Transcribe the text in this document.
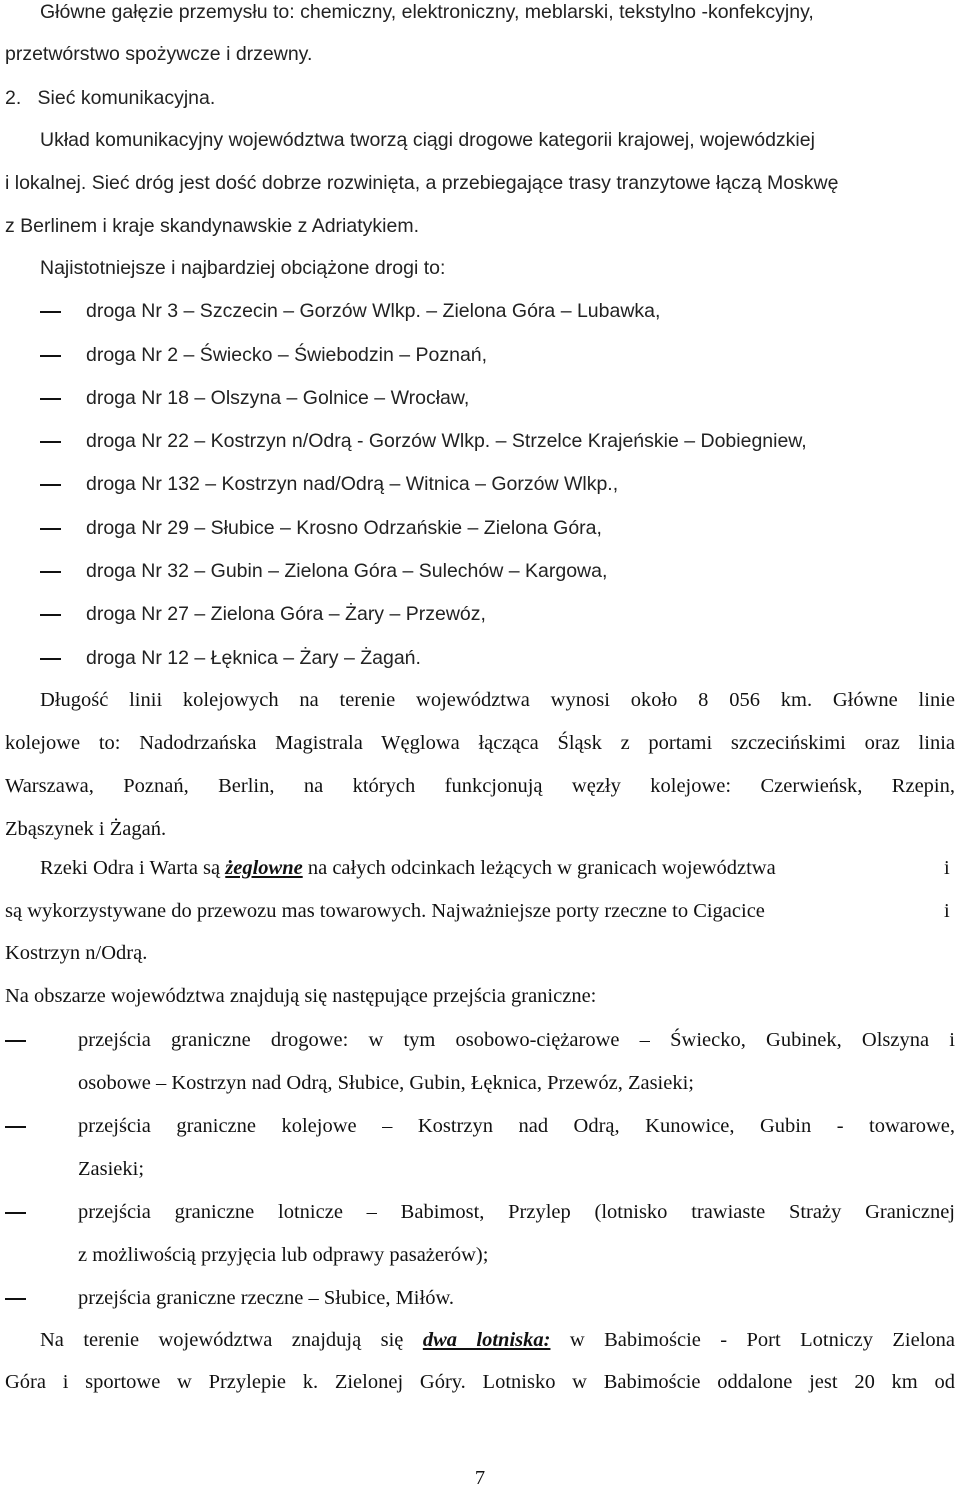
Główne gałęzie przemysłu to: chemiczny, elektroniczny, meblarski, tekstylno -konfekcyjny,
przetwórstwo spożywcze i drzewny.
2.   Sieć komunikacyjna.
Układ komunikacyjny województwa tworzą ciągi drogowe kategorii krajowej, wojewódzkiej
i lokalnej. Sieć dróg jest dość dobrze rozwinięta, a przebiegające trasy tranzytowe łączą Moskwę
z Berlinem i kraje skandynawskie z Adriatykiem.
Najistotniejsze i najbardziej obciążone drogi to:
droga Nr 3 – Szczecin – Gorzów Wlkp. – Zielona Góra – Lubawka,
droga Nr 2 – Świecko – Świebodzin – Poznań,
droga Nr 18 – Olszyna – Golnice – Wrocław,
droga Nr 22 – Kostrzyn n/Odrą - Gorzów Wlkp. – Strzelce Krajeńskie – Dobiegniew,
droga Nr 132 – Kostrzyn nad/Odrą – Witnica – Gorzów Wlkp.,
droga Nr 29 – Słubice – Krosno Odrzańskie – Zielona Góra,
droga Nr 32 – Gubin – Zielona Góra – Sulechów – Kargowa,
droga Nr 27 – Zielona Góra – Żary – Przewóz,
droga Nr 12 – Łęknica – Żary – Żagań.
Długość linii kolejowych na terenie województwa wynosi około 8 056 km. Główne linie
kolejowe to: Nadodrzańska Magistrala Węglowa łącząca Śląsk z portami szczecińskimi oraz linia
Warszawa, Poznań, Berlin, na których funkcjonują węzły kolejowe: Czerwieńsk, Rzepin,
Zbąszynek i Żagań.
Rzeki Odra i Warta są żeglowne na całych odcinkach leżących w granicach województwa	i
są wykorzystywane do przewozu mas towarowych. Najważniejsze porty rzeczne to Cigacice	i
Kostrzyn n/Odrą.
Na obszarze województwa znajdują się następujące przejścia graniczne:
przejścia graniczne drogowe: w tym osobowo-ciężarowe – Świecko, Gubinek, Olszyna i
osobowe – Kostrzyn nad Odrą, Słubice, Gubin, Łęknica, Przewóz, Zasieki;
przejścia graniczne kolejowe – Kostrzyn nad Odrą, Kunowice, Gubin - towarowe,
Zasieki;
przejścia graniczne lotnicze – Babimost, Przylep (lotnisko trawiaste Straży Granicznej
z możliwością przyjęcia lub odprawy pasażerów);
przejścia graniczne rzeczne – Słubice, Miłów.
Na terenie województwa znajdują się dwa lotniska: w Babimoście - Port Lotniczy Zielona
Góra i sportowe w Przylepie k. Zielonej Góry. Lotnisko w Babimoście oddalone jest 20 km od
7
